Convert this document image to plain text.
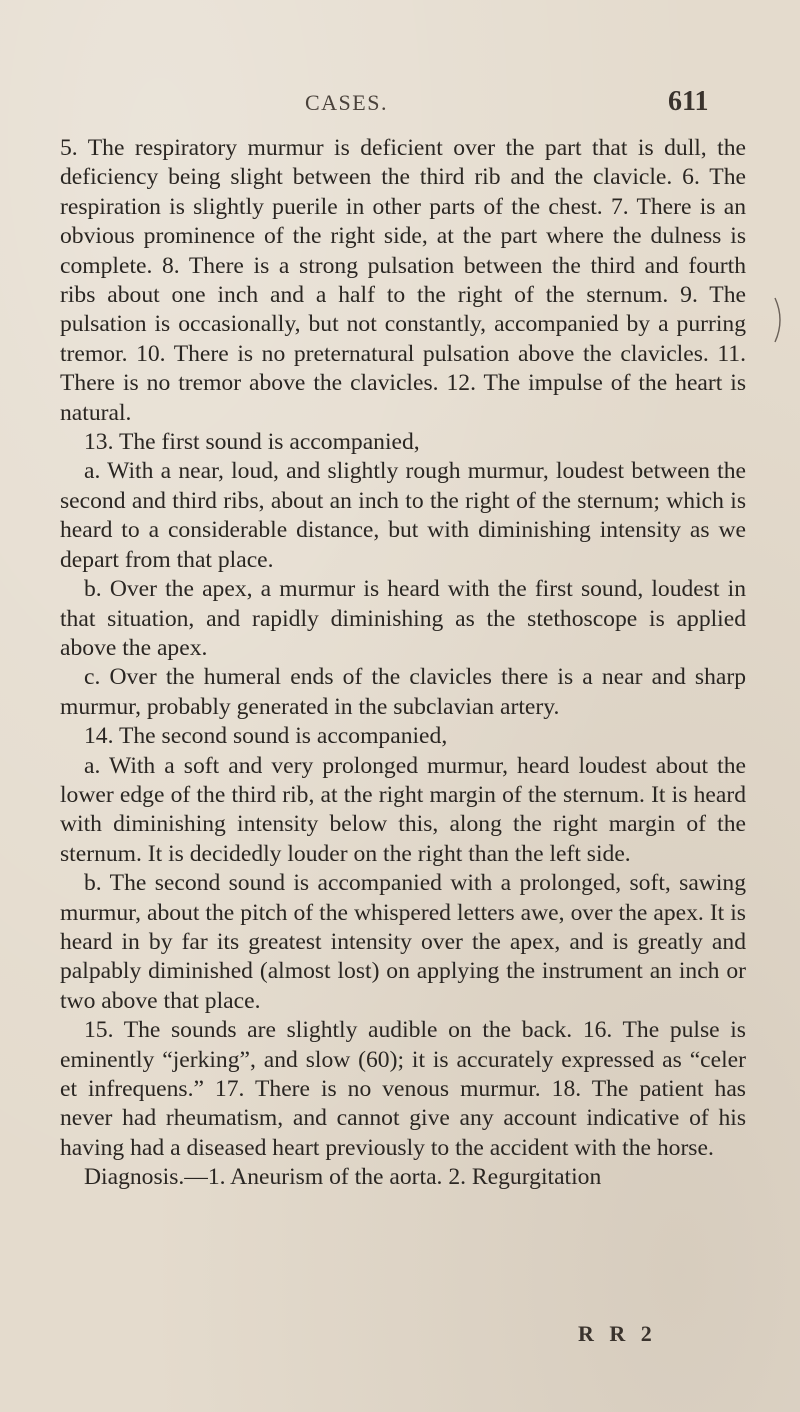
CASES.	611

5. The respiratory murmur is deficient over the part that is dull, the deficiency being slight between the third rib and the clavicle. 6. The respiration is slightly puerile in other parts of the chest. 7. There is an obvious prominence of the right side, at the part where the dulness is complete. 8. There is a strong pulsation between the third and fourth ribs about one inch and a half to the right of the sternum. 9. The pulsation is occasionally, but not constantly, accompanied by a purring tremor. 10. There is no preternatural pulsation above the clavicles. 11. There is no tremor above the clavicles. 12. The impulse of the heart is natural.

13. The first sound is accompanied,

a. With a near, loud, and slightly rough murmur, loudest between the second and third ribs, about an inch to the right of the sternum; which is heard to a considerable distance, but with diminishing intensity as we depart from that place.

b. Over the apex, a murmur is heard with the first sound, loudest in that situation, and rapidly diminishing as the stethoscope is applied above the apex.

c. Over the humeral ends of the clavicles there is a near and sharp murmur, probably generated in the subclavian artery.

14. The second sound is accompanied,

a. With a soft and very prolonged murmur, heard loudest about the lower edge of the third rib, at the right margin of the sternum. It is heard with diminishing intensity below this, along the right margin of the sternum. It is decidedly louder on the right than the left side.

b. The second sound is accompanied with a prolonged, soft, sawing murmur, about the pitch of the whispered letters awe, over the apex. It is heard in by far its greatest intensity over the apex, and is greatly and palpably diminished (almost lost) on applying the instrument an inch or two above that place.

15. The sounds are slightly audible on the back. 16. The pulse is eminently “jerking”, and slow (60); it is accurately expressed as “celer et infrequens.” 17. There is no venous murmur. 18. The patient has never had rheumatism, and cannot give any account indicative of his having had a diseased heart previously to the accident with the horse.

Diagnosis.—1. Aneurism of the aorta. 2. Regurgitation

R R 2
